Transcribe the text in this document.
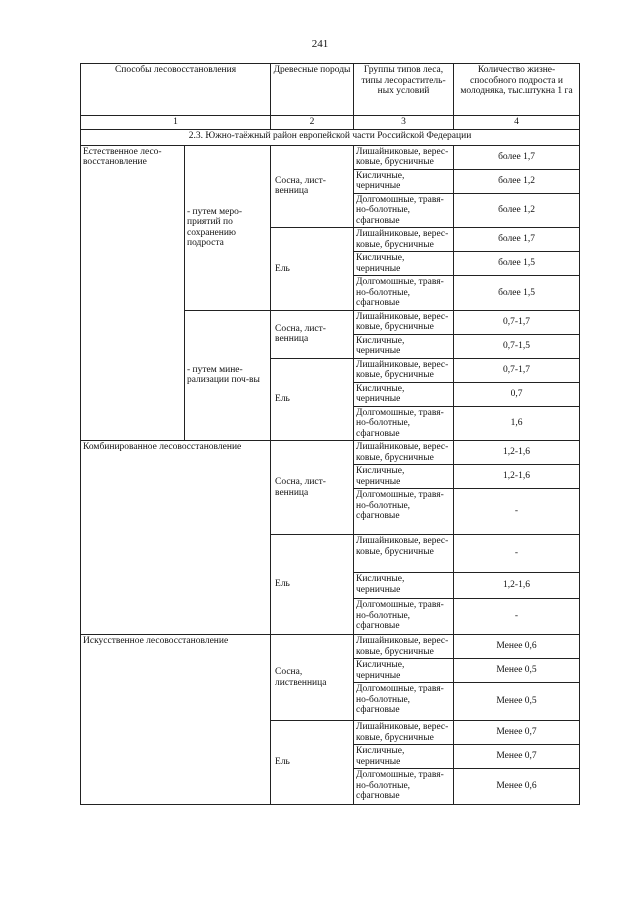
241
Способы лесовосстановления		Древесные породы	Группы типов леса, типы лесораститель-ных условий	Количество жизне-способного подроста и молодняка, тыс.штукна 1 га
1		2	3	4
2.3. Южно-таёжный район европейской части Российской Федерации				
Естественное лесо-восстановление	- путем меро-приятий по сохранению подроста	Сосна, лист-венница	Лишайниковые, верес-ковые, брусничные	более 1,7
			Кисличные, черничные	более 1,2
			Долгомошные, травя-но-болотные, сфагновые	более 1,2
		Ель	Лишайниковые, верес-ковые, брусничные	более 1,7
			Кисличные, черничные	более 1,5
			Долгомошные, травя-но-болотные, сфагновые	более 1,5
	- путем мине-рализации поч-вы	Сосна, лист-венница	Лишайниковые, верес-ковые, брусничные	0,7-1,7
			Кисличные, черничные	0,7-1,5
		Ель	Лишайниковые, верес-ковые, брусничные	0,7-1,7
			Кисличные, черничные	0,7
			Долгомошные, травя-но-болотные, сфагновые	1,6
Комбинированное лесовосстановление		Сосна, лист-венница	Лишайниковые, верес-ковые, брусничные	1,2-1,6
			Кисличные, черничные	1,2-1,6
			Долгомошные, травя-но-болотные, сфагновые	-
		Ель	Лишайниковые, верес-ковые, брусничные	-
			Кисличные, черничные	1,2-1,6
			Долгомошные, травя-но-болотные, сфагновые	-
Искусственное лесовосстановление		Сосна, лиственница	Лишайниковые, верес-ковые, брусничные	Менее 0,6
			Кисличные, черничные	Менее 0,5
			Долгомошные, травя-но-болотные, сфагновые	Менее 0,5
		Ель	Лишайниковые, верес-ковые, брусничные	Менее 0,7
			Кисличные, черничные	Менее 0,7
			Долгомошные, травя-но-болотные, сфагновые	Менее 0,6
